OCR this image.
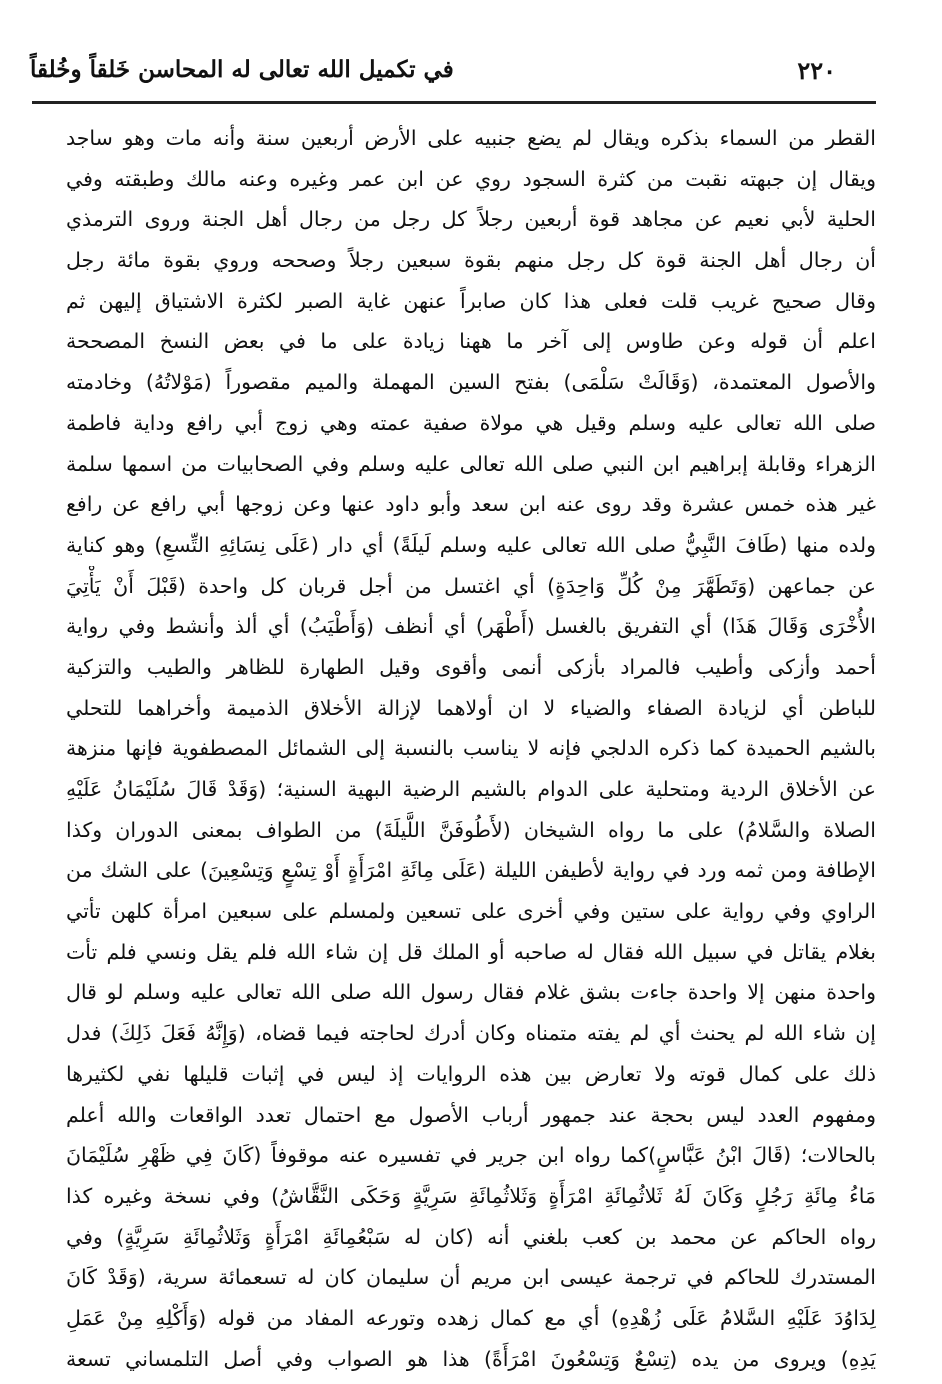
٢٢٠
في تكميل الله تعالى له المحاسن خَلقاً وخُلقاً
القطر من السماء بذكره ويقال لم يضع جنبيه على الأرض أربعين سنة وأنه مات وهو ساجد
ويقال إن جبهته نقبت من كثرة السجود روي عن ابن عمر وغيره وعنه مالك وطبقته وفي
الحلية لأبي نعيم عن مجاهد قوة أربعين رجلاً كل رجل من رجال أهل الجنة وروى الترمذي
أن رجال أهل الجنة قوة كل رجل منهم بقوة سبعين رجلاً وصححه وروي بقوة مائة رجل
وقال صحيح غريب قلت فعلى هذا كان صابراً عنهن غاية الصبر لكثرة الاشتياق إليهن ثم
اعلم أن قوله وعن طاوس إلى آخر ما ههنا زيادة على ما في بعض النسخ المصححة
والأصول المعتمدة، (وَقَالَتْ سَلْمَى) بفتح السين المهملة والميم مقصوراً (مَوْلاتُهُ) وخادمته
صلى الله تعالى عليه وسلم وقيل هي مولاة صفية عمته وهي زوج أبي رافع وداية فاطمة
الزهراء وقابلة إبراهيم ابن النبي صلى الله تعالى عليه وسلم وفي الصحابيات من اسمها سلمة
غير هذه خمس عشرة وقد روى عنه ابن سعد وأبو داود عنها وعن زوجها أبي رافع عن رافع
ولده منها (طَافَ النَّبِيُّ صلى الله تعالى عليه وسلم لَيلَةً) أي دار (عَلَى نِسَائِهِ التِّسعِ) وهو كناية
عن جماعهن (وَتَطَهَّرَ مِنْ كُلِّ وَاحِدَةٍ) أي اغتسل من أجل قربان كل واحدة (قَبْلَ أَنْ يَأْتِيَ
الأُخْرَى وَقَالَ هَذَا) أي التفريق بالغسل (أَطْهَر) أي أنظف (وَأَطْيَبُ) أي ألذ وأنشط وفي رواية
أحمد وأزكى وأطيب فالمراد بأزكى أنمى وأقوى وقيل الطهارة للظاهر والطيب والتزكية
للباطن أي لزيادة الصفاء والضياء لا ان أولاهما لإزالة الأخلاق الذميمة وأخراهما للتحلي
بالشيم الحميدة كما ذكره الدلجي فإنه لا يناسب بالنسبة إلى الشمائل المصطفوية فإنها منزهة
عن الأخلاق الردية ومتحلية على الدوام بالشيم الرضية البهية السنية؛ (وَقَدْ قَالَ سُلَيْمَانُ عَلَيْهِ
الصلاة والسَّلامُ) على ما رواه الشيخان (لأَطُوفَنَّ اللَّيلَةَ) من الطواف بمعنى الدوران وكذا
الإطافة ومن ثمه ورد في رواية لأطيفن الليلة (عَلَى مِائَةِ امْرَأَةٍ أَوْ تِسْعٍ وَتِسْعِينَ) على الشك من
الراوي وفي رواية على ستين وفي أخرى على تسعين ولمسلم على سبعين امرأة كلهن تأتي
بغلام يقاتل في سبيل الله فقال له صاحبه أو الملك قل إن شاء الله فلم يقل ونسي فلم تأت
واحدة منهن إلا واحدة جاءت بشق غلام فقال رسول الله صلى الله تعالى عليه وسلم لو قال
إن شاء الله لم يحنث أي لم يفته متمناه وكان أدرك لحاجته فيما قضاه، (وَإِنَّهُ فَعَلَ ذَلِكَ) فدل
ذلك على كمال قوته ولا تعارض بين هذه الروايات إذ ليس في إثبات قليلها نفي لكثيرها
ومفهوم العدد ليس بحجة عند جمهور أرباب الأصول مع احتمال تعدد الواقعات والله أعلم
بالحالات؛ (قَالَ ابْنُ عَبَّاسٍ)كما رواه ابن جرير في تفسيره عنه موقوفاً (كَانَ فِي ظَهْرِ سُلَيْمَانَ
مَاءُ مِائَةِ رَجُلٍ وَكَانَ لَهُ ثَلاثُمِائَةِ امْرَأَةٍ وَثَلاثُمِائَةِ سَرِيَّةٍ وَحَكَى النَّقَّاشُ) وفي نسخة وغيره كذا
رواه الحاكم عن محمد بن كعب بلغني أنه (كان له سَبْعُمِائَةِ امْرَأَةٍ وَثَلاثُمِائَةِ سَرِيَّةٍ) وفي
المستدرك للحاكم في ترجمة عيسى ابن مريم أن سليمان كان له تسعمائة سرية، (وَقَدْ كَانَ
لِدَاوُدَ عَلَيْهِ السَّلامُ عَلَى زُهْدِهِ) أي مع كمال زهده وتورعه المفاد من قوله (وَأَكْلِهِ مِنْ عَمَلِ
يَدِهِ) ويروى من يده (تِسْعٌ وَتِسْعُونَ امْرَأَةً) هذا هو الصواب وفي أصل التلمساني تسعة
